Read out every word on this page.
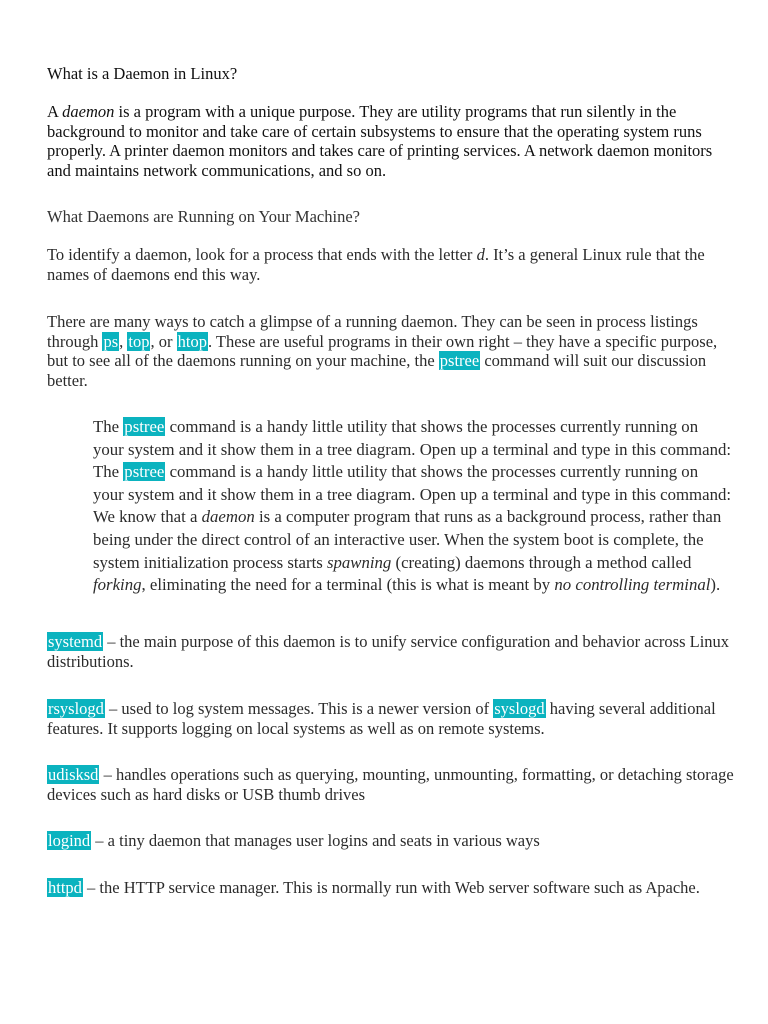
What is a Daemon in Linux?

A daemon is a program with a unique purpose. They are utility programs that run silently in the background to monitor and take care of certain subsystems to ensure that the operating system runs properly. A printer daemon monitors and takes care of printing services. A network daemon monitors and maintains network communications, and so on.

What Daemons are Running on Your Machine?

To identify a daemon, look for a process that ends with the letter d. It’s a general Linux rule that the names of daemons end this way.

There are many ways to catch a glimpse of a running daemon. They can be seen in process listings through ps, top, or htop. These are useful programs in their own right – they have a specific purpose, but to see all of the daemons running on your machine, the pstree command will suit our discussion better.

The pstree command is a handy little utility that shows the processes currently running on your system and it show them in a tree diagram. Open up a terminal and type in this command: The pstree command is a handy little utility that shows the processes currently running on your system and it show them in a tree diagram. Open up a terminal and type in this command: We know that a daemon is a computer program that runs as a background process, rather than being under the direct control of an interactive user. When the system boot is complete, the system initialization process starts spawning (creating) daemons through a method called forking, eliminating the need for a terminal (this is what is meant by no controlling terminal).

systemd – the main purpose of this daemon is to unify service configuration and behavior across Linux distributions.

rsyslogd – used to log system messages. This is a newer version of syslogd having several additional features. It supports logging on local systems as well as on remote systems.

udisksd – handles operations such as querying, mounting, unmounting, formatting, or detaching storage devices such as hard disks or USB thumb drives

logind – a tiny daemon that manages user logins and seats in various ways

httpd – the HTTP service manager. This is normally run with Web server software such as Apache.
